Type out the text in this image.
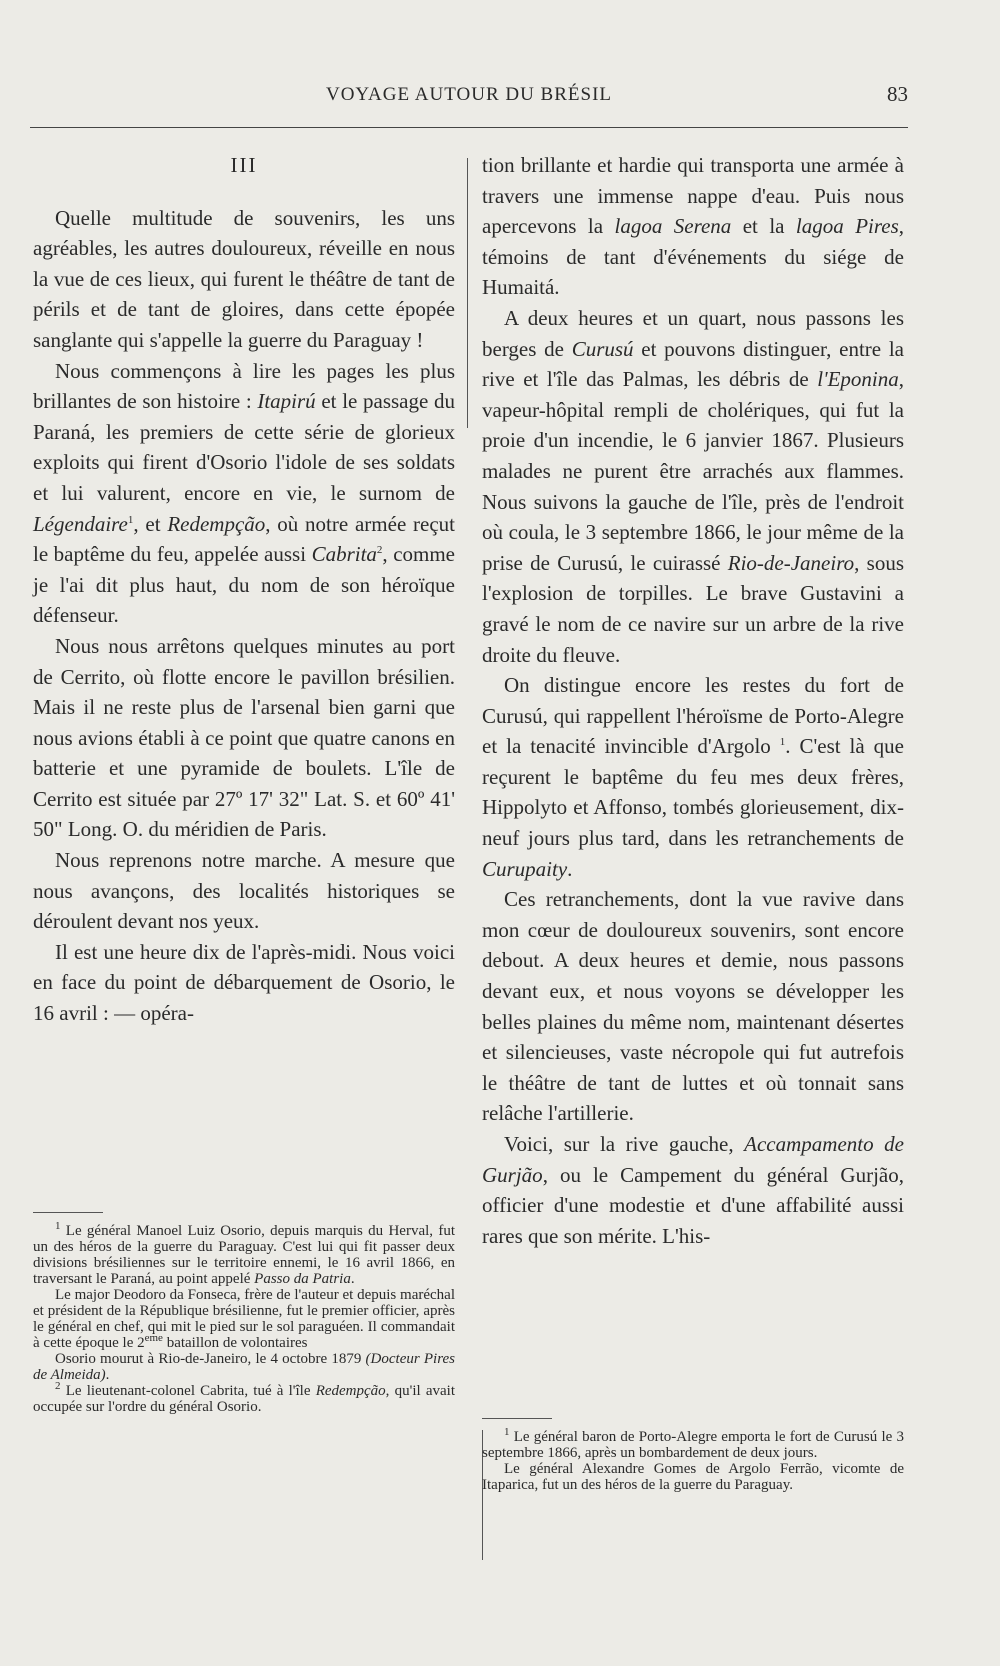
VOYAGE AUTOUR DU BRÉSIL	83
III

Quelle multitude de souvenirs, les uns agréables, les autres douloureux, réveille en nous la vue de ces lieux, qui furent le théâtre de tant de périls et de tant de gloires, dans cette épopée sanglante qui s'appelle la guerre du Paraguay !

Nous commençons à lire les pages les plus brillantes de son histoire : Itapirú et le passage du Paraná, les premiers de cette série de glorieux exploits qui firent d'Osorio l'idole de ses soldats et lui valurent, encore en vie, le surnom de Légendaire$^1$, et Redempção, où notre armée reçut le baptême du feu, appelée aussi Cabrita$^2$, comme je l'ai dit plus haut, du nom de son héroïque défenseur.

Nous nous arrêtons quelques minutes au port de Cerrito, où flotte encore le pavillon brésilien. Mais il ne reste plus de l'arsenal bien garni que nous avions établi à ce point que quatre canons en batterie et une pyramide de boulets. L'île de Cerrito est située par 27º 17' 32" Lat. S. et 60º 41' 50" Long. O. du méridien de Paris.

Nous reprenons notre marche. A mesure que nous avançons, des localités historiques se déroulent devant nos yeux.

Il est une heure dix de l'après-midi. Nous voici en face du point de débarquement de Osorio, le 16 avril : — opéra-

tion brillante et hardie qui transporta une armée à travers une immense nappe d'eau. Puis nous apercevons la lagoa Serena et la lagoa Pires, témoins de tant d'événements du siége de Humaitá.

A deux heures et un quart, nous passons les berges de Curusú et pouvons distinguer, entre la rive et l'île das Palmas, les débris de l'Eponina, vapeur-hôpital rempli de cholériques, qui fut la proie d'un incendie, le 6 janvier 1867. Plusieurs malades ne purent être arrachés aux flammes. Nous suivons la gauche de l'île, près de l'endroit où coula, le 3 septembre 1866, le jour même de la prise de Curusú, le cuirassé Rio-de-Janeiro, sous l'explosion de torpilles. Le brave Gustavini a gravé le nom de ce navire sur un arbre de la rive droite du fleuve.

On distingue encore les restes du fort de Curusú, qui rappellent l'héroïsme de Porto-Alegre et la tenacité invincible d'Argolo $^1$. C'est là que reçurent le baptême du feu mes deux frères, Hippolyto et Affonso, tombés glorieusement, dix-neuf jours plus tard, dans les retranchements de Curupaity.

Ces retranchements, dont la vue ravive dans mon cœur de douloureux souvenirs, sont encore debout. A deux heures et demie, nous passons devant eux, et nous voyons se développer les belles plaines du même nom, maintenant désertes et silencieuses, vaste nécropole qui fut autrefois le théâtre de tant de luttes et où tonnait sans relâche l'artillerie.

Voici, sur la rive gauche, Accampamento de Gurjão, ou le Campement du général Gurjão, officier d'une modestie et d'une affabilité aussi rares que son mérite. L'his-

$^1$ Le général Manoel Luiz Osorio, depuis marquis du Herval, fut un des héros de la guerre du Paraguay. C'est lui qui fit passer deux divisions brésiliennes sur le territoire ennemi, le 16 avril 1866, en traversant le Paraná, au point appelé Passo da Patria.

Le major Deodoro da Fonseca, frère de l'auteur et depuis maréchal et président de la République brésilienne, fut le premier officier, après le général en chef, qui mit le pied sur le sol paraguéen. Il commandait à cette époque le 2eme bataillon de volontaires

Osorio mourut à Rio-de-Janeiro, le 4 octobre 1879 (Docteur Pires de Almeida).

$^2$ Le lieutenant-colonel Cabrita, tué à l'île Redempção, qu'il avait occupée sur l'ordre du général Osorio.

$^1$ Le général baron de Porto-Alegre emporta le fort de Curusú le 3 septembre 1866, après un bombardement de deux jours.

Le général Alexandre Gomes de Argolo Ferrão, vicomte de Itaparica, fut un des héros de la guerre du Paraguay.
